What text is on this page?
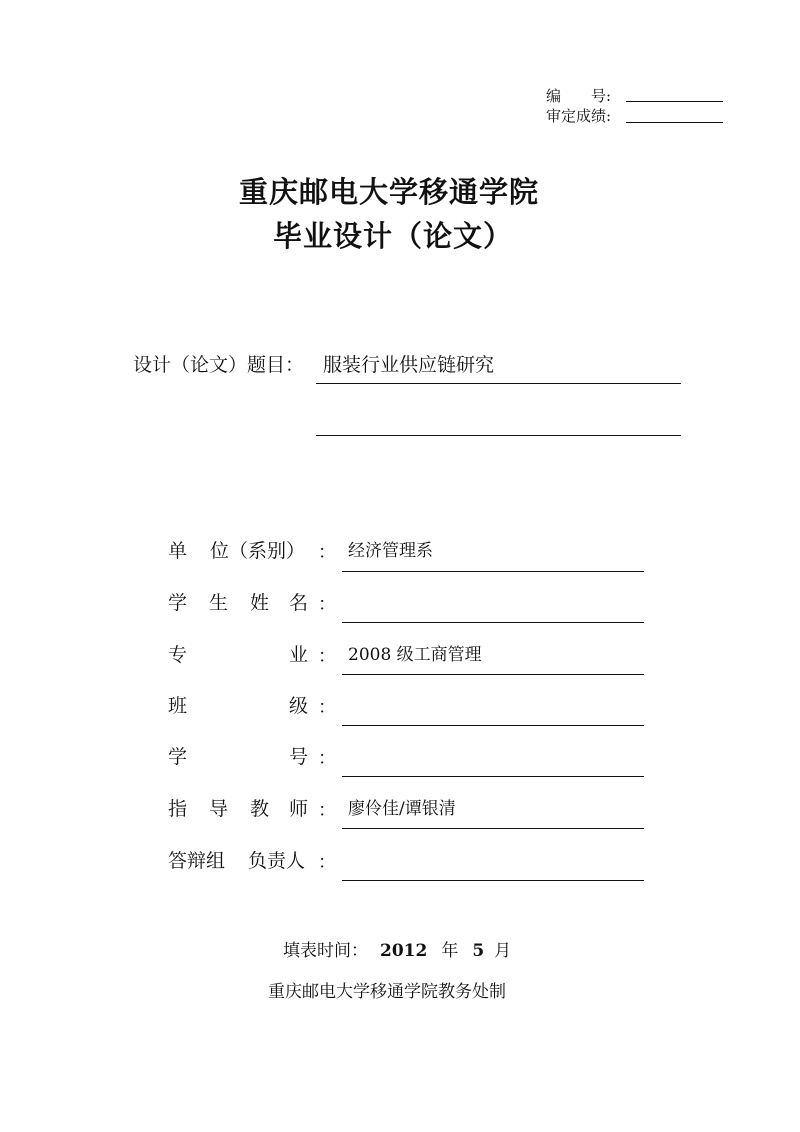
编　　号:
审定成绩:
重庆邮电大学移通学院
毕业设计（论文）
设计（论文）题目： 服装行业供应链研究
单 位（系别） ： 经济管理系
学 生 姓 名 ：
专	业 ： 2008 级工商管理
班	级 ：
学	号 ：
指 导 教 师 ： 廖伶佳/谭银清
答辩组 负责人 ：
填表时间： 2012 年 5 月
重庆邮电大学移通学院教务处制
